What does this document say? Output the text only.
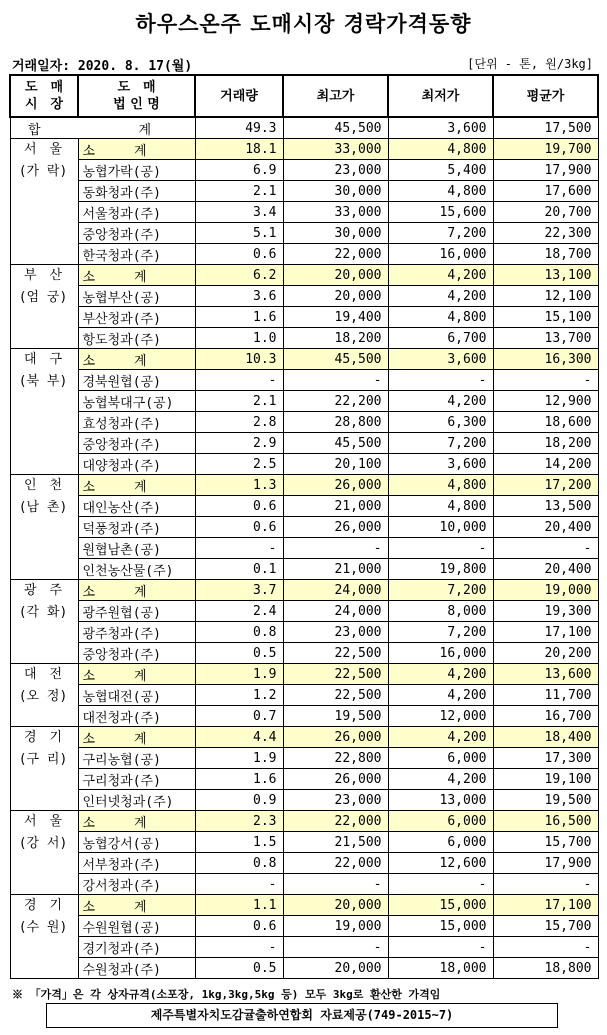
하우스온주 도매시장 경락가격동향
거래일자: 2020. 8. 17(월)	[단위 - 톤, 원/3kg]
도　매
시　장	도　매
법 인 명	거래량	최고가	최저가	평균가
합　　계		49.3	45,500	3,600	17,500
서　울
(가 락)	소　　　계	18.1	33,000	4,800	19,700
	농협가락(공)	6.9	23,000	5,400	17,900
	동화청과(주)	2.1	30,000	4,800	17,600
	서울청과(주)	3.4	33,000	15,600	20,700
	중앙청과(주)	5.1	30,000	7,200	22,300
	한국청과(주)	0.6	22,000	16,000	18,700
부　산
(엄 궁)	소　　　계	6.2	20,000	4,200	13,100
	농협부산(공)	3.6	20,000	4,200	12,100
	부산청과(주)	1.6	19,400	4,800	15,100
	항도청과(주)	1.0	18,200	6,700	13,700
대　구
(북 부)	소　　　계	10.3	45,500	3,600	16,300
	경북원협(공)	-	-	-	-
	농협북대구(공)	2.1	22,200	4,200	12,900
	효성청과(주)	2.8	28,800	6,300	18,600
	중앙청과(주)	2.9	45,500	7,200	18,200
	대양청과(주)	2.5	20,100	3,600	14,200
인　천
(남 촌)	소　　　계	1.3	26,000	4,800	17,200
	대인농산(주)	0.6	21,000	4,800	13,500
	덕풍청과(주)	0.6	26,000	10,000	20,400
	원협남촌(공)	-	-	-	-
	인천농산물(주)	0.1	21,000	19,800	20,400
광　주
(각 화)	소　　　계	3.7	24,000	7,200	19,000
	광주원협(공)	2.4	24,000	8,000	19,300
	광주청과(주)	0.8	23,000	7,200	17,100
	중앙청과(주)	0.5	22,500	16,000	20,200
대　전
(오 정)	소　　　계	1.9	22,500	4,200	13,600
	농협대전(공)	1.2	22,500	4,200	11,700
	대전청과(주)	0.7	19,500	12,000	16,700
경　기
(구 리)	소　　　계	4.4	26,000	4,200	18,400
	구리농협(공)	1.9	22,800	6,000	17,300
	구리청과(주)	1.6	26,000	4,200	19,100
	인터넷청과(주)	0.9	23,000	13,000	19,500
서　울
(강 서)	소　　　계	2.3	22,000	6,000	16,500
	농협강서(공)	1.5	21,500	6,000	15,700
	서부청과(주)	0.8	22,000	12,600	17,900
	강서청과(주)	-	-	-	-
경　기
(수 원)	소　　　계	1.1	20,000	15,000	17,100
	수원원협(공)	0.6	19,000	15,000	15,700
	경기청과(주)	-	-	-	-
	수원청과(주)	0.5	20,000	18,000	18,800
※ 「가격」은 각 상자규격(소포장, 1kg,3kg,5kg 등) 모두 3kg로 환산한 가격임
제주특별자치도감귤출하연합회 자료제공(749-2015~7)
